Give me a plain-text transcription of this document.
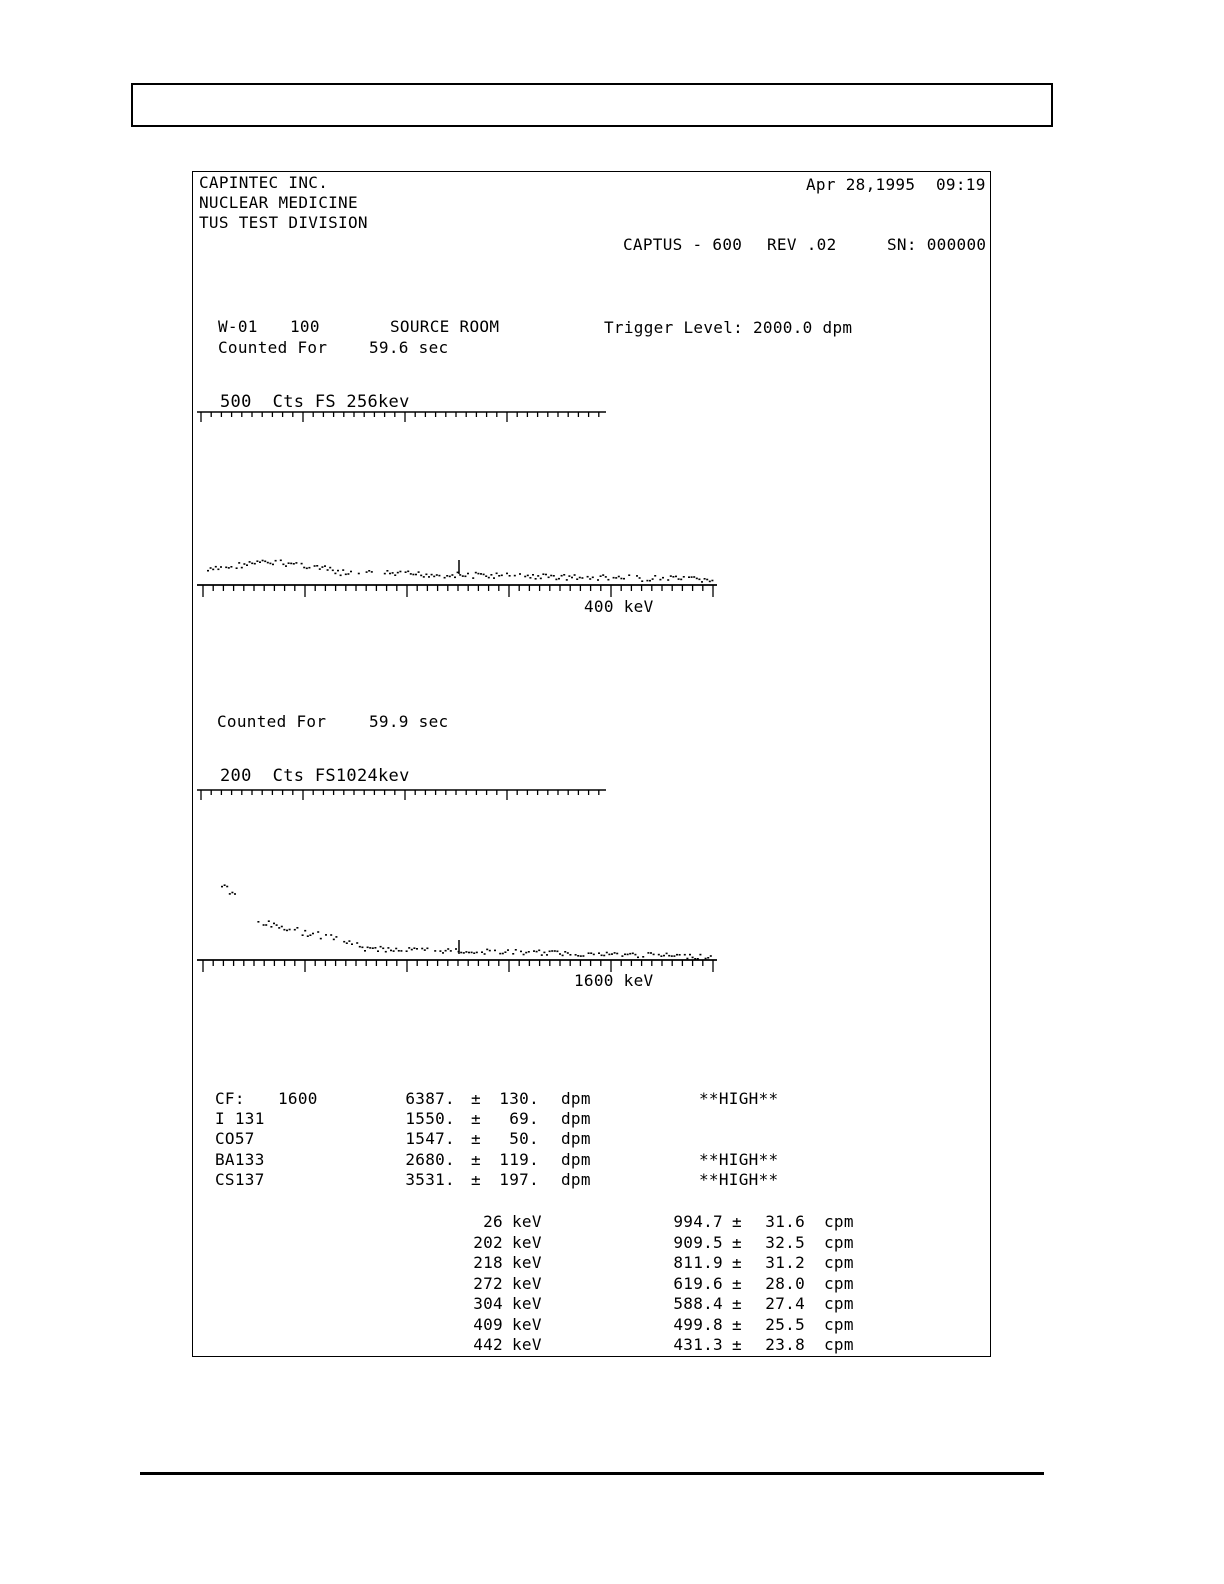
CAPINTEC INC.
NUCLEAR MEDICINE
TUS TEST DIVISION
Apr 28,1995 09:19
CAPTUS - 600 REV .02	SN: 000000
W-01 100	SOURCE ROOM	Trigger Level: 2000.0 dpm
Counted For	59.6 sec
500  Cts FS 256kev
400 keV
Counted For	59.9 sec
200  Cts FS1024kev
1600 keV
CF: 1600	6387. ±	130. dpm	**HIGH**
I 131	1550. ±	69. dpm
CO57	1547. ±	50. dpm
BA133	2680. ±	119. dpm	**HIGH**
CS137	3531. ±	197. dpm	**HIGH**
26 keV	994.7 ±	31.6 cpm
202 keV	909.5 ±	32.5 cpm
218 keV	811.9 ±	31.2 cpm
272 keV	619.6 ±	28.0 cpm
304 keV	588.4 ±	27.4 cpm
409 keV	499.8 ±	25.5 cpm
442 keV	431.3 ±	23.8 cpm
